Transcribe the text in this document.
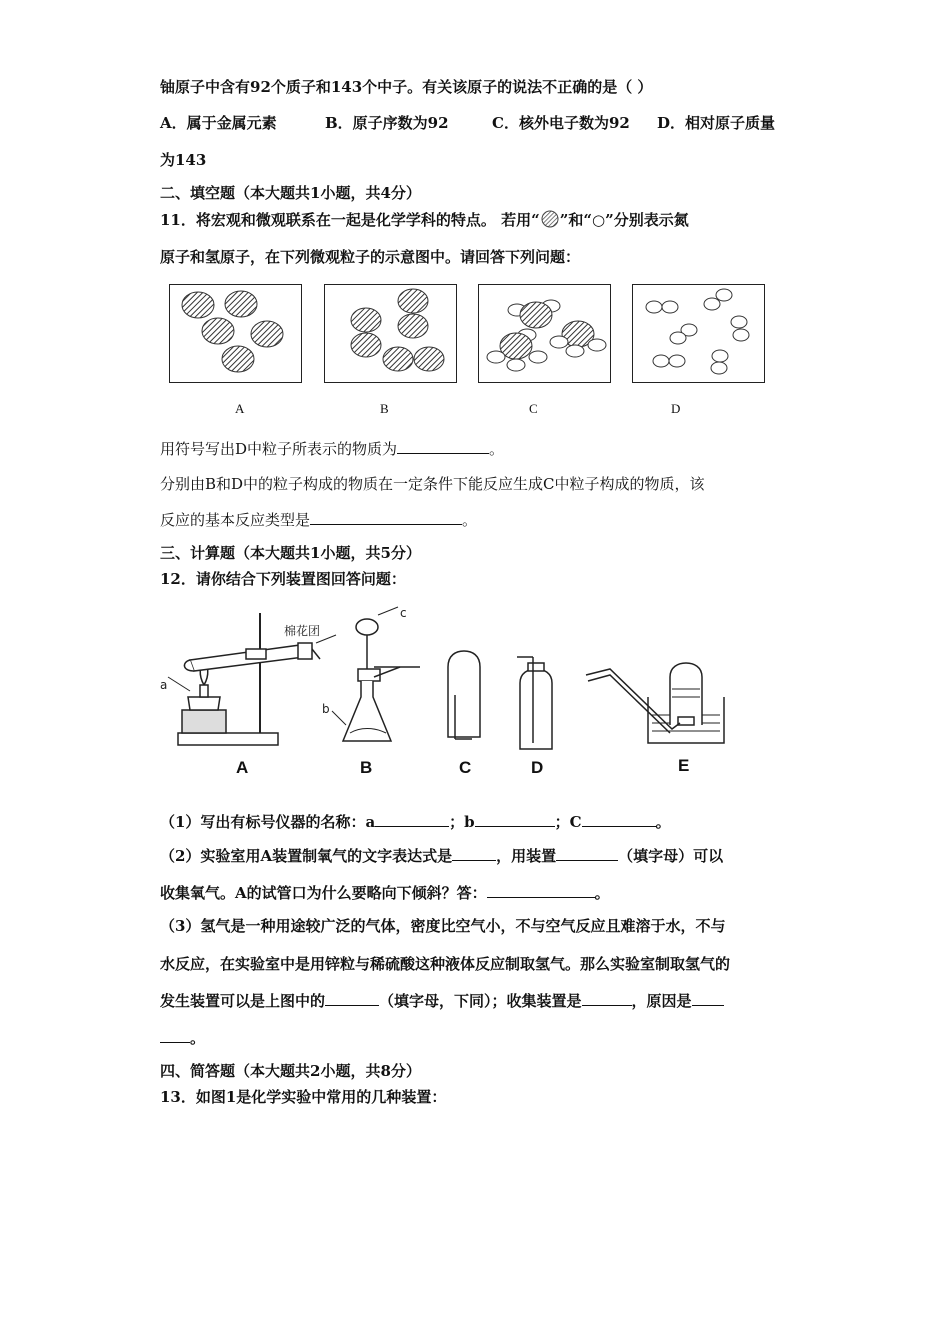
铀原子中含有92个质子和143个中子。有关该原子的说法不正确的是（ ）
A．属于金属元素	B．原子序数为92	C．核外电子数为92 D．相对原子质量
为143
二、填空题（本大题共1小题，共4分）
11．将宏观和微观联系在一起是化学学科的特点。 若用“ ”和“○”分别表示氮
原子和氢原子，在下列微观粒子的示意图中。请回答下列问题：
A	B	C	D
用符号写出D中粒子所表示的物质为	。
分别由B和D中的粒子构成的物质在一定条件下能反应生成C中粒子构成的物质，该
反应的基本反应类型是	。
三、计算题（本大题共1小题，共5分）
12．请你结合下列装置图回答问题：
棉花团
a
c
b
A	B	C	D	E
（1）写出有标号仪器的名称：a	；b	；C	。
（2）实验室用A装置制氧气的文字表达式是	，用装置	（填字母）可以
收集氧气。A的试管口为什么要略向下倾斜？答：	。
（3）氢气是一种用途较广泛的气体，密度比空气小，不与空气反应且难溶于水，不与
水反应，在实验室中是用锌粒与稀硫酸这种液体反应制取氢气。那么实验室制取氢气的
发生装置可以是上图中的	（填字母，下同）；收集装置是	，原因是
。
四、简答题（本大题共2小题，共8分）
13．如图1是化学实验中常用的几种装置：
